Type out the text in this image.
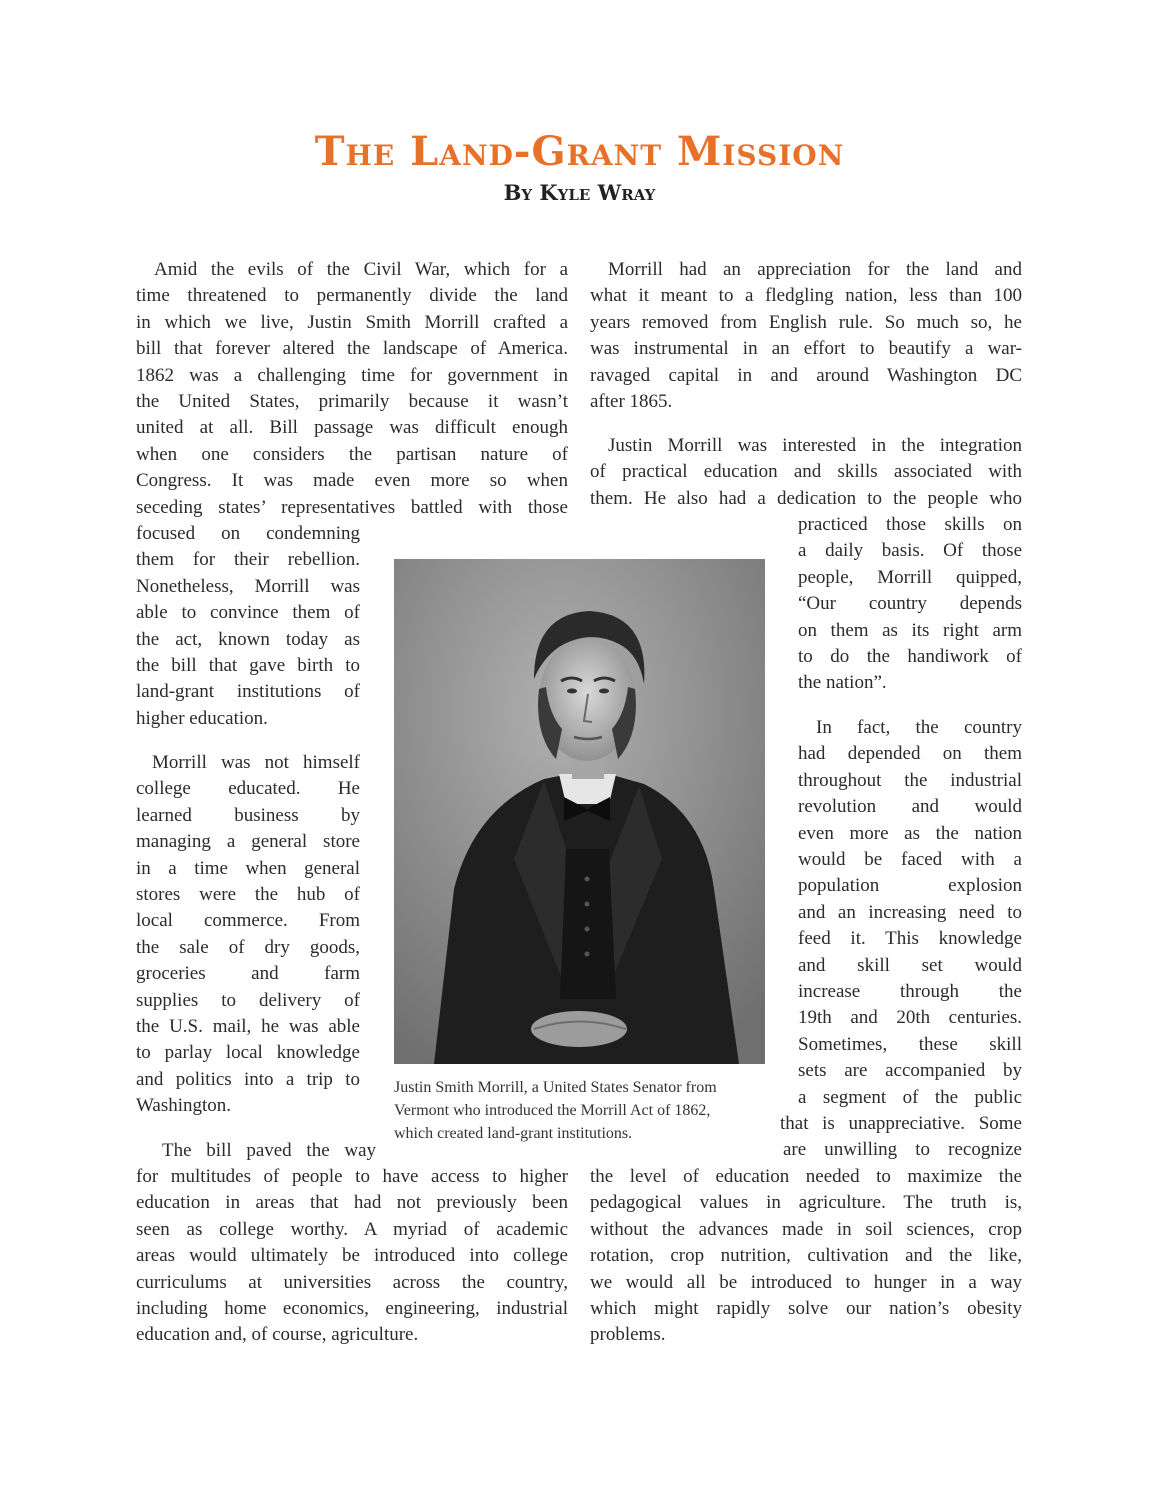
The Land-Grant Mission
By Kyle Wray

Amid the evils of the Civil War, which for a
time threatened to permanently divide the land
in which we live, Justin Smith Morrill crafted a
bill that forever altered the landscape of America.
1862 was a challenging time for government in
the United States, primarily because it wasn’t
united at all. Bill passage was difficult enough
when one considers the partisan nature of
Congress. It was made even more so when
seceding states’ representatives battled with those

focused on condemning
them for their rebellion.
Nonetheless, Morrill was
able to convince them of
the act, known today as
the bill that gave birth to
land-grant institutions of
higher education.

Morrill was not himself
college educated. He
learned business by
managing a general store
in a time when general
stores were the hub of
local commerce. From
the sale of dry goods,
groceries and farm
supplies to delivery of
the U.S. mail, he was able
to parlay local knowledge
and politics into a trip to
Washington.

The bill paved the way

for multitudes of people to have access to higher
education in areas that had not previously been
seen as college worthy. A myriad of academic
areas would ultimately be introduced into college
curriculums at universities across the country,
including home economics, engineering, industrial
education and, of course, agriculture.

Morrill had an appreciation for the land and
what it meant to a fledgling nation, less than 100
years removed from English rule. So much so, he
was instrumental in an effort to beautify a war-
ravaged capital in and around Washington DC
after 1865.

Justin Morrill was interested in the integration
of practical education and skills associated with
them. He also had a dedication to the people who

practiced those skills on
a daily basis. Of those
people, Morrill quipped,
“Our country depends
on them as its right arm
to do the handiwork of
the nation”.

In fact, the country
had depended on them
throughout the industrial
revolution and would
even more as the nation
would be faced with a
population explosion
and an increasing need to
feed it. This knowledge
and skill set would
increase through the
19th and 20th centuries.
Sometimes, these skill
sets are accompanied by
a segment of the public

that is unappreciative. Some
are unwilling to recognize

the level of education needed to maximize the
pedagogical values in agriculture. The truth is,
without the advances made in soil sciences, crop
rotation, crop nutrition, cultivation and the like,
we would all be introduced to hunger in a way
which might rapidly solve our nation’s obesity
problems.

Justin Smith Morrill, a United States Senator from
Vermont who introduced the Morrill Act of 1862,
which created land-grant institutions.
